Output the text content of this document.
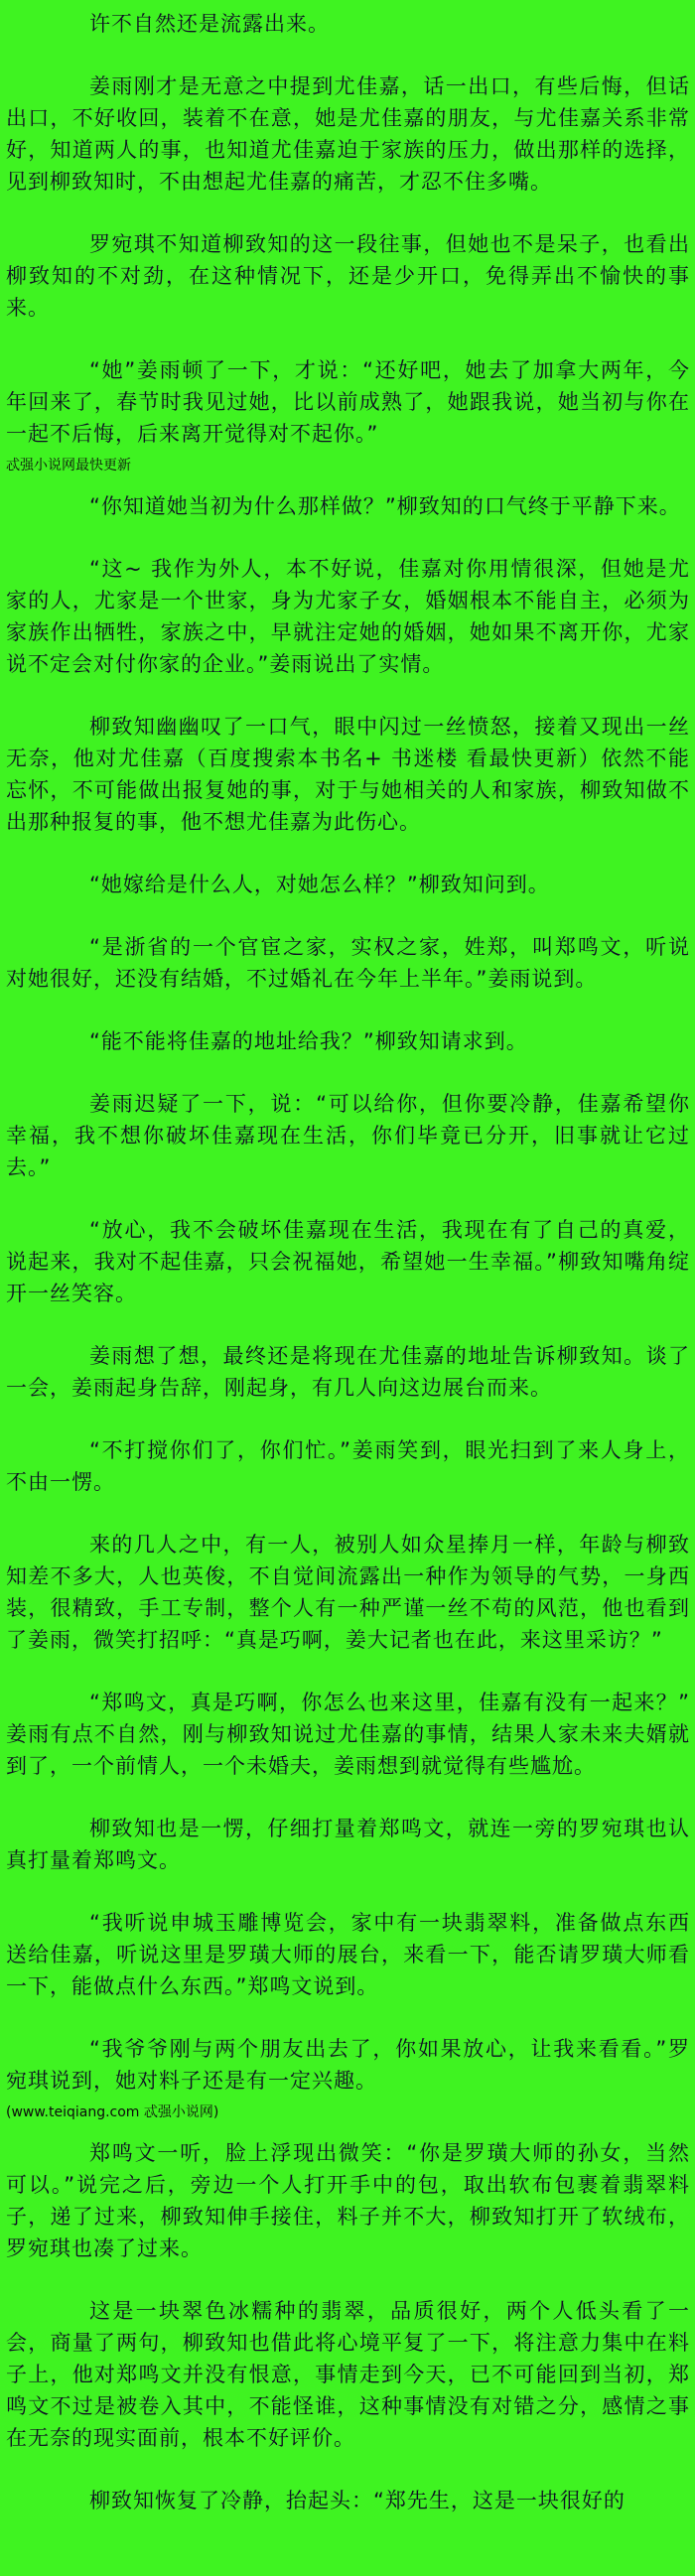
许不自然还是流露出来。

姜雨刚才是无意之中提到尤佳嘉，话一出口，有些后悔，但话出口，不好收回，装着不在意，她是尤佳嘉的朋友，与尤佳嘉关系非常好，知道两人的事，也知道尤佳嘉迫于家族的压力，做出那样的选择，见到柳致知时，不由想起尤佳嘉的痛苦，才忍不住多嘴。

罗宛琪不知道柳致知的这一段往事，但她也不是呆子，也看出柳致知的不对劲，在这种情况下，还是少开口，免得弄出不愉快的事来。

“她”姜雨顿了一下，才说：“还好吧，她去了加拿大两年，今年回来了，春节时我见过她，比以前成熟了，她跟我说，她当初与你在一起不后悔，后来离开觉得对不起你。”

忒强小说网最快更新

“你知道她当初为什么那样做？”柳致知的口气终于平静下来。

“这~ 我作为外人，本不好说，佳嘉对你用情很深，但她是尤家的人，尤家是一个世家，身为尤家子女，婚姻根本不能自主，必须为家族作出牺牲，家族之中，早就注定她的婚姻，她如果不离开你，尤家说不定会对付你家的企业。”姜雨说出了实情。

柳致知幽幽叹了一口气，眼中闪过一丝愤怒，接着又现出一丝无奈，他对尤佳嘉（百度搜索本书名+ 书迷楼 看最快更新）依然不能忘怀，不可能做出报复她的事，对于与她相关的人和家族，柳致知做不出那种报复的事，他不想尤佳嘉为此伤心。

“她嫁给是什么人，对她怎么样？”柳致知问到。

“是浙省的一个官宦之家，实权之家，姓郑，叫郑鸣文，听说对她很好，还没有结婚，不过婚礼在今年上半年。”姜雨说到。

“能不能将佳嘉的地址给我？”柳致知请求到。

姜雨迟疑了一下，说：“可以给你，但你要冷静，佳嘉希望你幸福，我不想你破坏佳嘉现在生活，你们毕竟已分开，旧事就让它过去。”

“放心，我不会破坏佳嘉现在生活，我现在有了自己的真爱，说起来，我对不起佳嘉，只会祝福她，希望她一生幸福。”柳致知嘴角绽开一丝笑容。

姜雨想了想，最终还是将现在尤佳嘉的地址告诉柳致知。谈了一会，姜雨起身告辞，刚起身，有几人向这边展台而来。

“不打搅你们了，你们忙。”姜雨笑到，眼光扫到了来人身上，不由一愣。

来的几人之中，有一人，被别人如众星捧月一样，年龄与柳致知差不多大，人也英俊，不自觉间流露出一种作为领导的气势，一身西装，很精致，手工专制，整个人有一种严谨一丝不苟的风范，他也看到了姜雨，微笑打招呼：“真是巧啊，姜大记者也在此，来这里采访？”

“郑鸣文，真是巧啊，你怎么也来这里，佳嘉有没有一起来？”姜雨有点不自然，刚与柳致知说过尤佳嘉的事情，结果人家未来夫婿就到了，一个前情人，一个未婚夫，姜雨想到就觉得有些尴尬。

柳致知也是一愣，仔细打量着郑鸣文，就连一旁的罗宛琪也认真打量着郑鸣文。

“我听说申城玉雕博览会，家中有一块翡翠料，准备做点东西送给佳嘉，听说这里是罗璜大师的展台，来看一下，能否请罗璜大师看一下，能做点什么东西。”郑鸣文说到。

“我爷爷刚与两个朋友出去了，你如果放心，让我来看看。”罗宛琪说到，她对料子还是有一定兴趣。

(www.teiqiang.com 忒强小说网)

郑鸣文一听，脸上浮现出微笑：“你是罗璜大师的孙女，当然可以。”说完之后，旁边一个人打开手中的包，取出软布包裹着翡翠料子，递了过来，柳致知伸手接住，料子并不大，柳致知打开了软绒布，罗宛琪也凑了过来。

这是一块翠色冰糯种的翡翠，品质很好，两个人低头看了一会，商量了两句，柳致知也借此将心境平复了一下，将注意力集中在料子上，他对郑鸣文并没有恨意，事情走到今天，已不可能回到当初，郑鸣文不过是被卷入其中，不能怪谁，这种事情没有对错之分，感情之事在无奈的现实面前，根本不好评价。

柳致知恢复了冷静，抬起头：“郑先生，这是一块很好的
